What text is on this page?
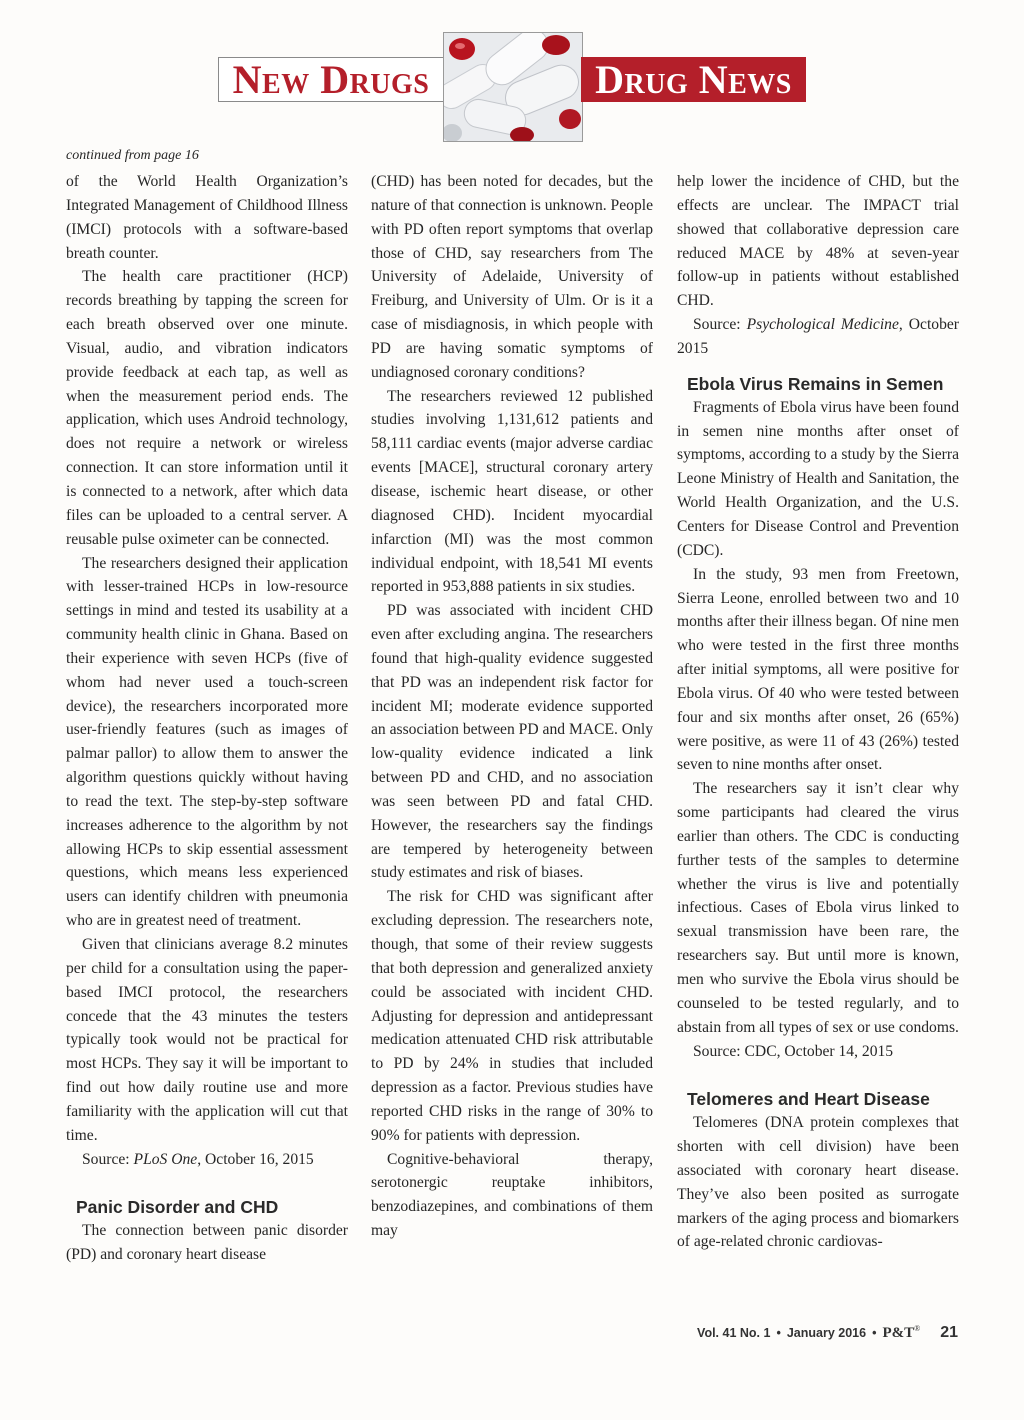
New Drugs	Drug News
continued from page 16

of the World Health Organization’s Integrated Management of Childhood Illness (IMCI) protocols with a software-based breath counter.

The health care practitioner (HCP) records breathing by tapping the screen for each breath observed over one minute. Visual, audio, and vibration indicators provide feedback at each tap, as well as when the measurement period ends. The application, which uses Android technology, does not require a network or wireless connection. It can store information until it is connected to a network, after which data files can be uploaded to a central server. A reusable pulse oximeter can be connected.

The researchers designed their application with lesser-trained HCPs in low-resource settings in mind and tested its usability at a community health clinic in Ghana. Based on their experience with seven HCPs (five of whom had never used a touch-screen device), the researchers incorporated more user-friendly features (such as images of palmar pallor) to allow them to answer the algorithm questions quickly without having to read the text. The step-by-step software increases adherence to the algorithm by not allowing HCPs to skip essential assessment questions, which means less experienced users can identify children with pneumonia who are in greatest need of treatment.

Given that clinicians average 8.2 minutes per child for a consultation using the paper-based IMCI protocol, the researchers concede that the 43 minutes the testers typically took would not be practical for most HCPs. They say it will be important to find out how daily routine use and more familiarity with the application will cut that time.

Source: PLoS One, October 16, 2015

Panic Disorder and CHD

The connection between panic disorder (PD) and coronary heart disease

(CHD) has been noted for decades, but the nature of that connection is unknown. People with PD often report symptoms that overlap those of CHD, say researchers from The University of Adelaide, University of Freiburg, and University of Ulm. Or is it a case of misdiagnosis, in which people with PD are having somatic symptoms of undiagnosed coronary conditions?

The researchers reviewed 12 published studies involving 1,131,612 patients and 58,111 cardiac events (major adverse cardiac events [MACE], structural coronary artery disease, ischemic heart disease, or other diagnosed CHD). Incident myocardial infarction (MI) was the most common individual endpoint, with 18,541 MI events reported in 953,888 patients in six studies.

PD was associated with incident CHD even after excluding angina. The researchers found that high-quality evidence suggested that PD was an independent risk factor for incident MI; moderate evidence supported an association between PD and MACE. Only low-quality evidence indicated a link between PD and CHD, and no association was seen between PD and fatal CHD. However, the researchers say the findings are tempered by heterogeneity between study estimates and risk of biases.

The risk for CHD was significant after excluding depression. The researchers note, though, that some of their review suggests that both depression and generalized anxiety could be associated with incident CHD. Adjusting for depression and antidepressant medication attenuated CHD risk attributable to PD by 24% in studies that included depression as a factor. Previous studies have reported CHD risks in the range of 30% to 90% for patients with depression.

Cognitive-behavioral therapy, serotonergic reuptake inhibitors, benzodiazepines, and combinations of them may

help lower the incidence of CHD, but the effects are unclear. The IMPACT trial showed that collaborative depression care reduced MACE by 48% at seven-year follow-up in patients without established CHD.

Source: Psychological Medicine, October 2015

Ebola Virus Remains in Semen

Fragments of Ebola virus have been found in semen nine months after onset of symptoms, according to a study by the Sierra Leone Ministry of Health and Sanitation, the World Health Organization, and the U.S. Centers for Disease Control and Prevention (CDC).

In the study, 93 men from Freetown, Sierra Leone, enrolled between two and 10 months after their illness began. Of nine men who were tested in the first three months after initial symptoms, all were positive for Ebola virus. Of 40 who were tested between four and six months after onset, 26 (65%) were positive, as were 11 of 43 (26%) tested seven to nine months after onset.

The researchers say it isn’t clear why some participants had cleared the virus earlier than others. The CDC is conducting further tests of the samples to determine whether the virus is live and potentially infectious. Cases of Ebola virus linked to sexual transmission have been rare, the researchers say. But until more is known, men who survive the Ebola virus should be counseled to be tested regularly, and to abstain from all types of sex or use condoms.

Source: CDC, October 14, 2015

Telomeres and Heart Disease

Telomeres (DNA protein complexes that shorten with cell division) have been associated with coronary heart disease. They’ve also been posited as surrogate markers of the aging process and biomarkers of age-related chronic cardiovas-

Vol. 41 No. 1 • January 2016 • P&T® 21
